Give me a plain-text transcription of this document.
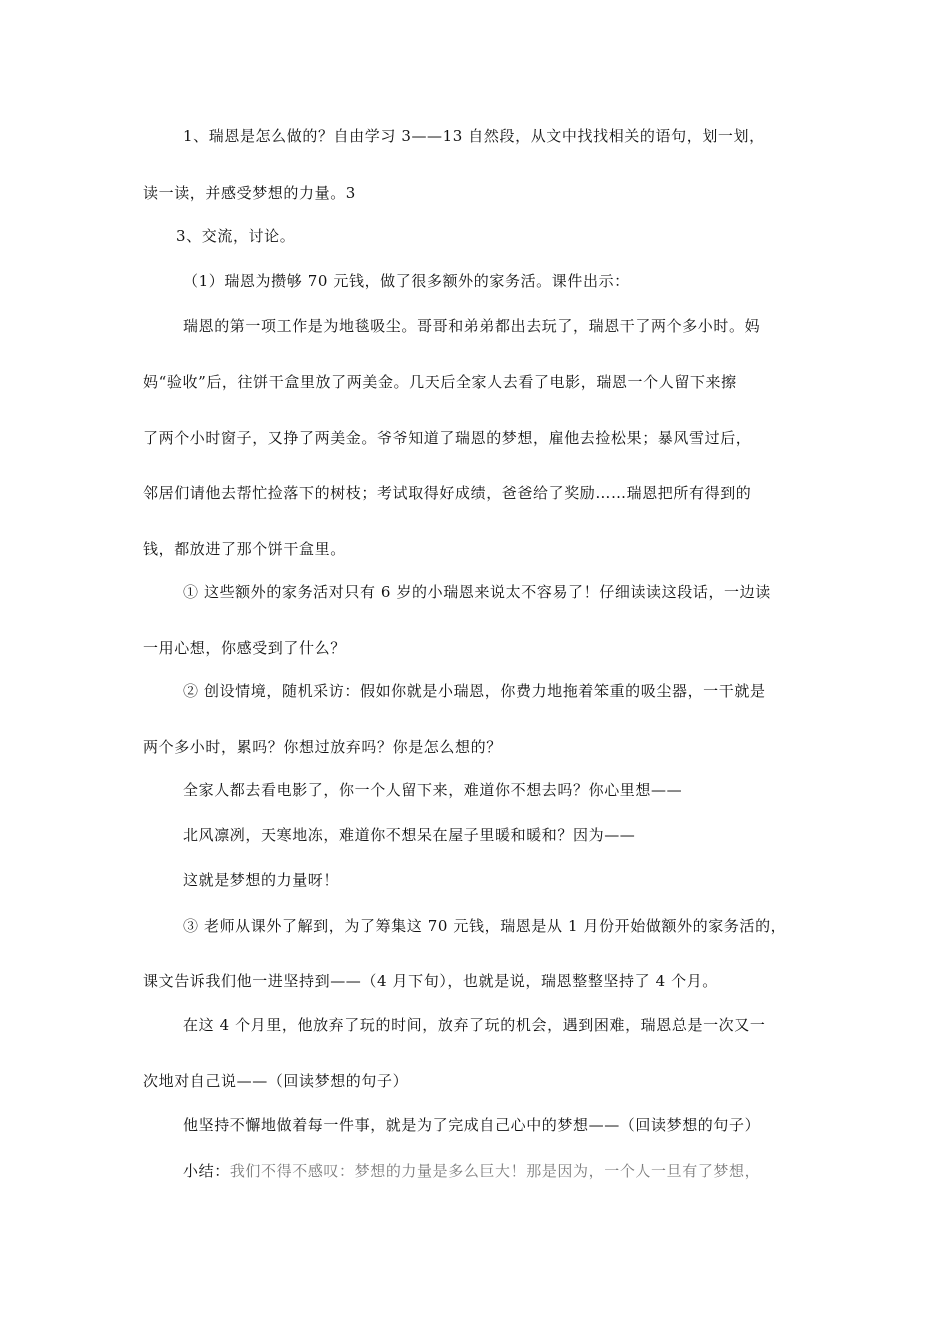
1、瑞恩是怎么做的？自由学习 3——13 自然段，从文中找找相关的语句，划一划，
读一读，并感受梦想的力量。3
3、交流，讨论。
（1）瑞恩为攒够 70 元钱，做了很多额外的家务活。课件出示：
瑞恩的第一项工作是为地毯吸尘。哥哥和弟弟都出去玩了，瑞恩干了两个多小时。妈
妈“验收”后，往饼干盒里放了两美金。几天后全家人去看了电影，瑞恩一个人留下来擦
了两个小时窗子，又挣了两美金。爷爷知道了瑞恩的梦想，雇他去捡松果；暴风雪过后，
邻居们请他去帮忙捡落下的树枝；考试取得好成绩，爸爸给了奖励……瑞恩把所有得到的
钱，都放进了那个饼干盒里。
① 这些额外的家务活对只有 6 岁的小瑞恩来说太不容易了！仔细读读这段话，一边读
一用心想，你感受到了什么？
② 创设情境，随机采访：假如你就是小瑞恩，你费力地拖着笨重的吸尘器，一干就是
两个多小时，累吗？你想过放弃吗？你是怎么想的？
全家人都去看电影了，你一个人留下来，难道你不想去吗？你心里想——
北风凛冽，天寒地冻，难道你不想呆在屋子里暖和暖和？因为——
这就是梦想的力量呀！
③ 老师从课外了解到，为了筹集这 70 元钱，瑞恩是从 1 月份开始做额外的家务活的，
课文告诉我们他一进坚持到——（4 月下旬），也就是说，瑞恩整整坚持了 4 个月。
在这 4 个月里，他放弃了玩的时间，放弃了玩的机会，遇到困难，瑞恩总是一次又一
次地对自己说——（回读梦想的句子）
他坚持不懈地做着每一件事，就是为了完成自己心中的梦想——（回读梦想的句子）
小结：我们不得不感叹：梦想的力量是多么巨大！那是因为，一个人一旦有了梦想，
